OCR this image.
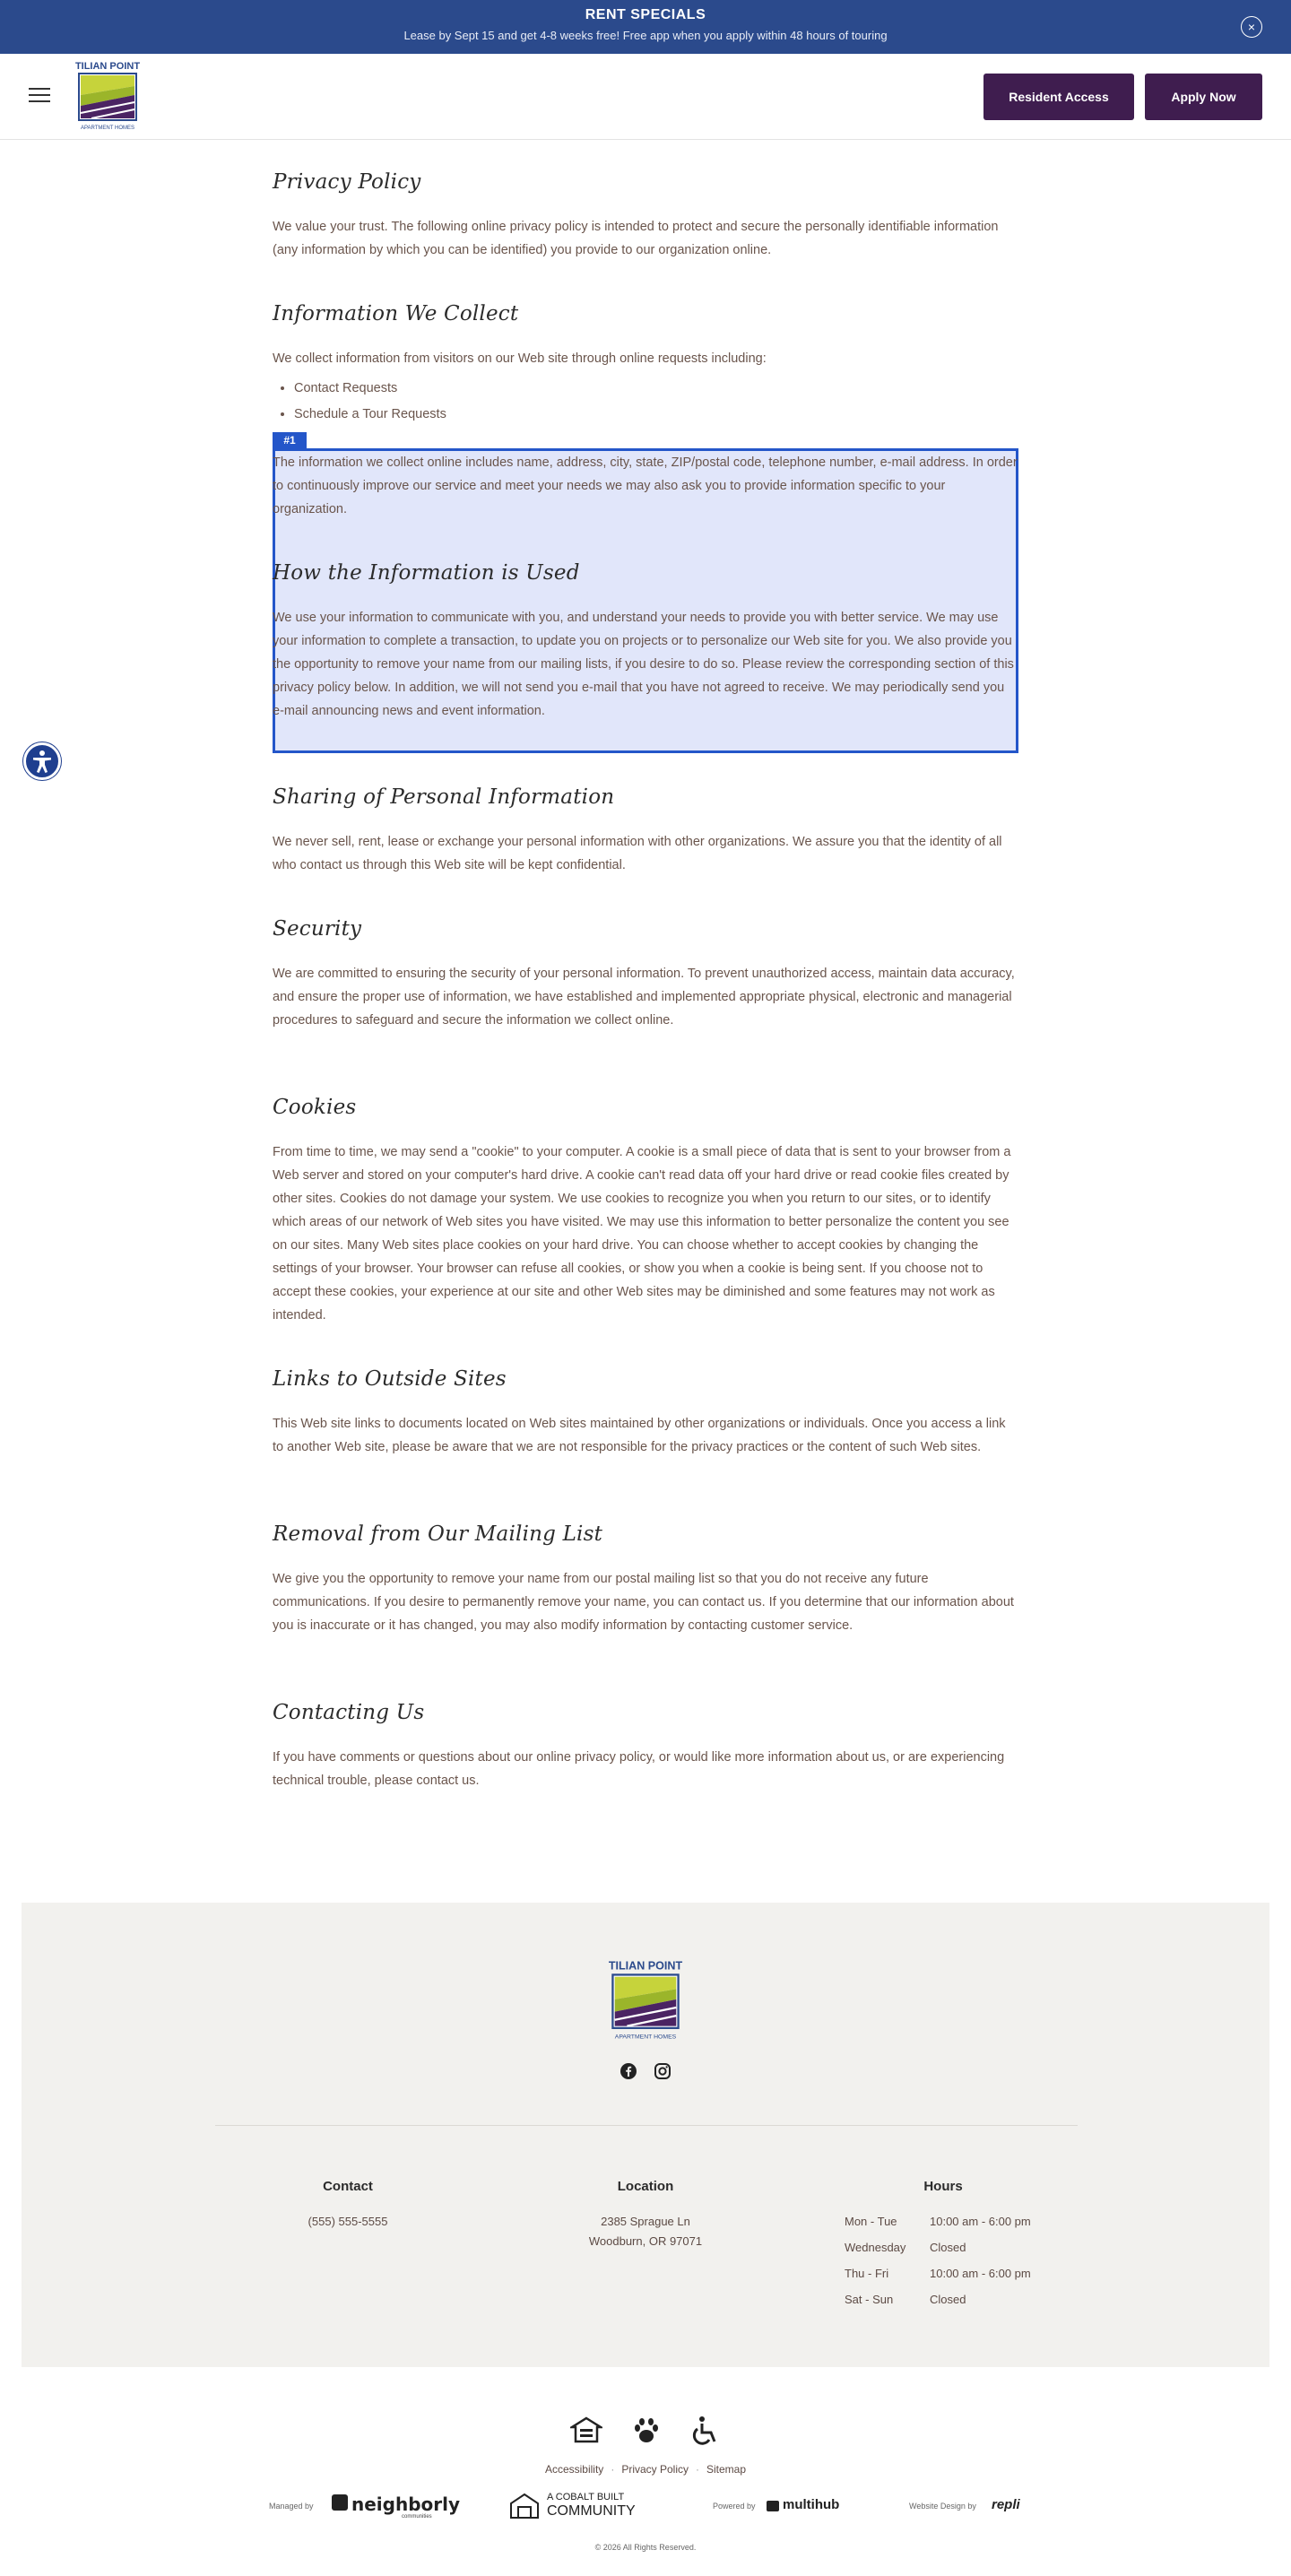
RENT SPECIALS
Lease by Sept 15 and get 4-8 weeks free! Free app when you apply within 48 hours of touring
×
TILIAN POINT
APARTMENT HOMES
Resident Access	Apply Now
#1
Privacy Policy

We value your trust. The following online privacy policy is intended to protect and secure the personally identifiable information (any information by which you can be identified) you provide to our organization online.

Information We Collect

We collect information from visitors on our Web site through online requests including:

• Contact Requests
• Schedule a Tour Requests

The information we collect online includes name, address, city, state, ZIP/postal code, telephone number, e-mail address. In order to continuously improve our service and meet your needs we may also ask you to provide information specific to your organization.

How the Information is Used

We use your information to communicate with you, and understand your needs to provide you with better service. We may use your information to complete a transaction, to update you on projects or to personalize our Web site for you. We also provide you the opportunity to remove your name from our mailing lists, if you desire to do so. Please review the corresponding section of this privacy policy below. In addition, we will not send you e-mail that you have not agreed to receive. We may periodically send you e-mail announcing news and event information.

Sharing of Personal Information

We never sell, rent, lease or exchange your personal information with other organizations. We assure you that the identity of all who contact us through this Web site will be kept confidential.

Security

We are committed to ensuring the security of your personal information. To prevent unauthorized access, maintain data accuracy, and ensure the proper use of information, we have established and implemented appropriate physical, electronic and managerial procedures to safeguard and secure the information we collect online.

Cookies

From time to time, we may send a "cookie" to your computer. A cookie is a small piece of data that is sent to your browser from a Web server and stored on your computer's hard drive. A cookie can't read data off your hard drive or read cookie files created by other sites. Cookies do not damage your system. We use cookies to recognize you when you return to our sites, or to identify which areas of our network of Web sites you have visited. We may use this information to better personalize the content you see on our sites. Many Web sites place cookies on your hard drive. You can choose whether to accept cookies by changing the settings of your browser. Your browser can refuse all cookies, or show you when a cookie is being sent. If you choose not to accept these cookies, your experience at our site and other Web sites may be diminished and some features may not work as intended.

Links to Outside Sites

This Web site links to documents located on Web sites maintained by other organizations or individuals. Once you access a link to another Web site, please be aware that we are not responsible for the privacy practices or the content of such Web sites.

Removal from Our Mailing List

We give you the opportunity to remove your name from our postal mailing list so that you do not receive any future communications. If you desire to permanently remove your name, you can contact us. If you determine that our information about you is inaccurate or it has changed, you may also modify information by contacting customer service.

Contacting Us

If you have comments or questions about our online privacy policy, or would like more information about us, or are experiencing technical trouble, please contact us.

TILIAN POINT
APARTMENT HOMES
Contact
(555) 555-5555
Location
2385 Sprague Ln
Woodburn, OR 97071
Hours
Mon - Tue	10:00 am - 6:00 pm
Wednesday Closed
Thu - Fri	10:00 am - 6:00 pm
Sat - Sun	Closed
Accessibility · Privacy Policy · Sitemap
Managed by neighborly
communities
A COBALT BUILT
COMMUNITY	Powered by multihub	Website Design by repli
© 2026 All Rights Reserved.
